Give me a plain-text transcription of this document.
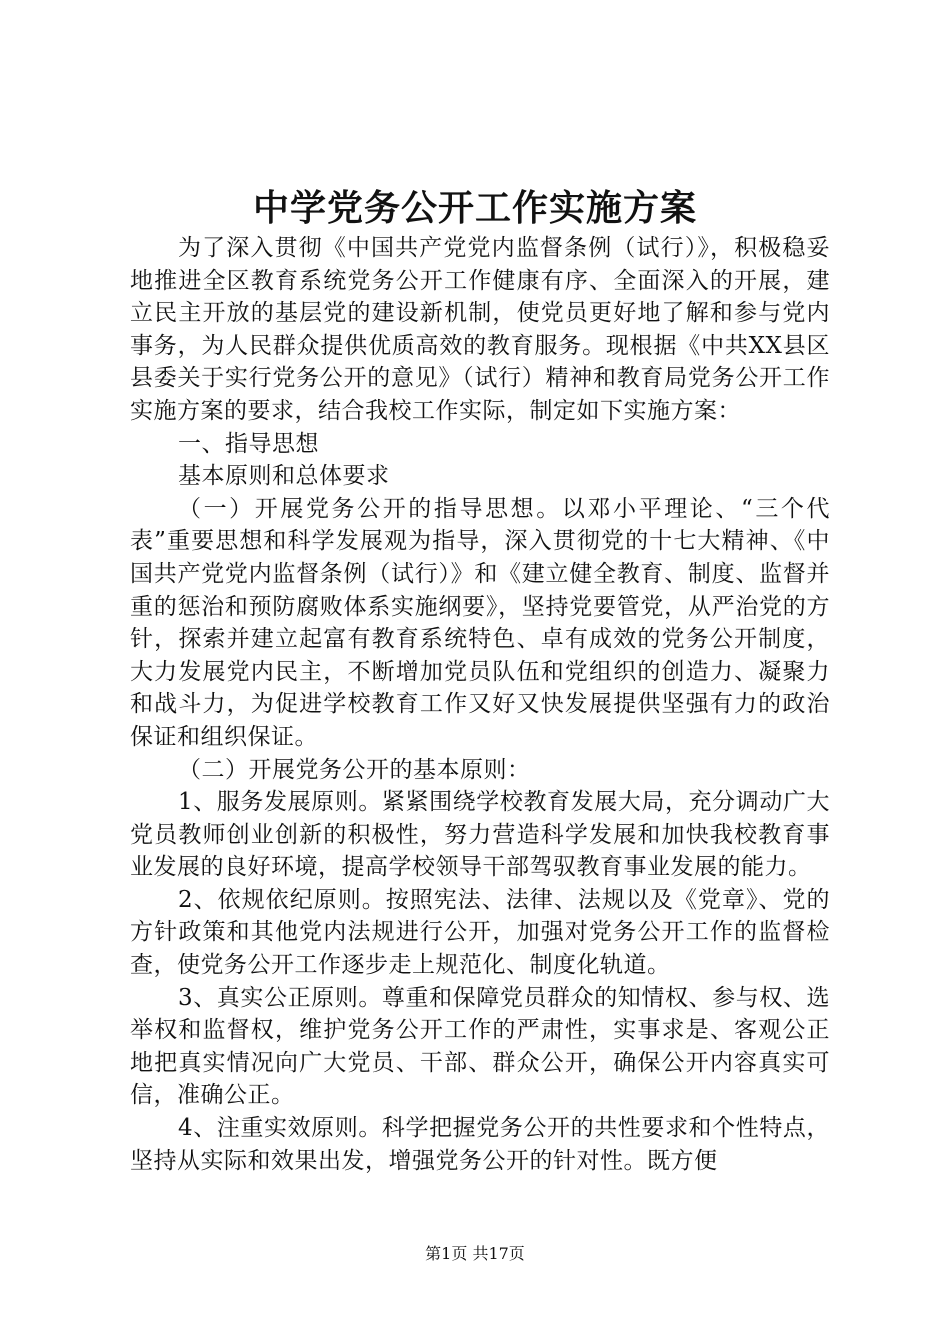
中学党务公开工作实施方案

为了深入贯彻《中国共产党党内监督条例（试行）》，积极稳妥地推进全区教育系统党务公开工作健康有序、全面深入的开展，建立民主开放的基层党的建设新机制，使党员更好地了解和参与党内事务，为人民群众提供优质高效的教育服务。现根据《中共XX县区县委关于实行党务公开的意见》（试行）精神和教育局党务公开工作实施方案的要求，结合我校工作实际，制定如下实施方案：

一、指导思想

基本原则和总体要求

（一）开展党务公开的指导思想。以邓小平理论、“三个代表”重要思想和科学发展观为指导，深入贯彻党的十七大精神、《中国共产党党内监督条例（试行）》和《建立健全教育、制度、监督并重的惩治和预防腐败体系实施纲要》，坚持党要管党，从严治党的方针，探索并建立起富有教育系统特色、卓有成效的党务公开制度，大力发展党内民主，不断增加党员队伍和党组织的创造力、凝聚力和战斗力，为促进学校教育工作又好又快发展提供坚强有力的政治保证和组织保证。

（二）开展党务公开的基本原则：

1、服务发展原则。紧紧围绕学校教育发展大局，充分调动广大党员教师创业创新的积极性，努力营造科学发展和加快我校教育事业发展的良好环境，提高学校领导干部驾驭教育事业发展的能力。

2、依规依纪原则。按照宪法、法律、法规以及《党章》、党的方针政策和其他党内法规进行公开，加强对党务公开工作的监督检查，使党务公开工作逐步走上规范化、制度化轨道。

3、真实公正原则。尊重和保障党员群众的知情权、参与权、选举权和监督权，维护党务公开工作的严肃性，实事求是、客观公正地把真实情况向广大党员、干部、群众公开，确保公开内容真实可信，准确公正。

4、注重实效原则。科学把握党务公开的共性要求和个性特点，坚持从实际和效果出发，增强党务公开的针对性。既方便

第1页 共17页
